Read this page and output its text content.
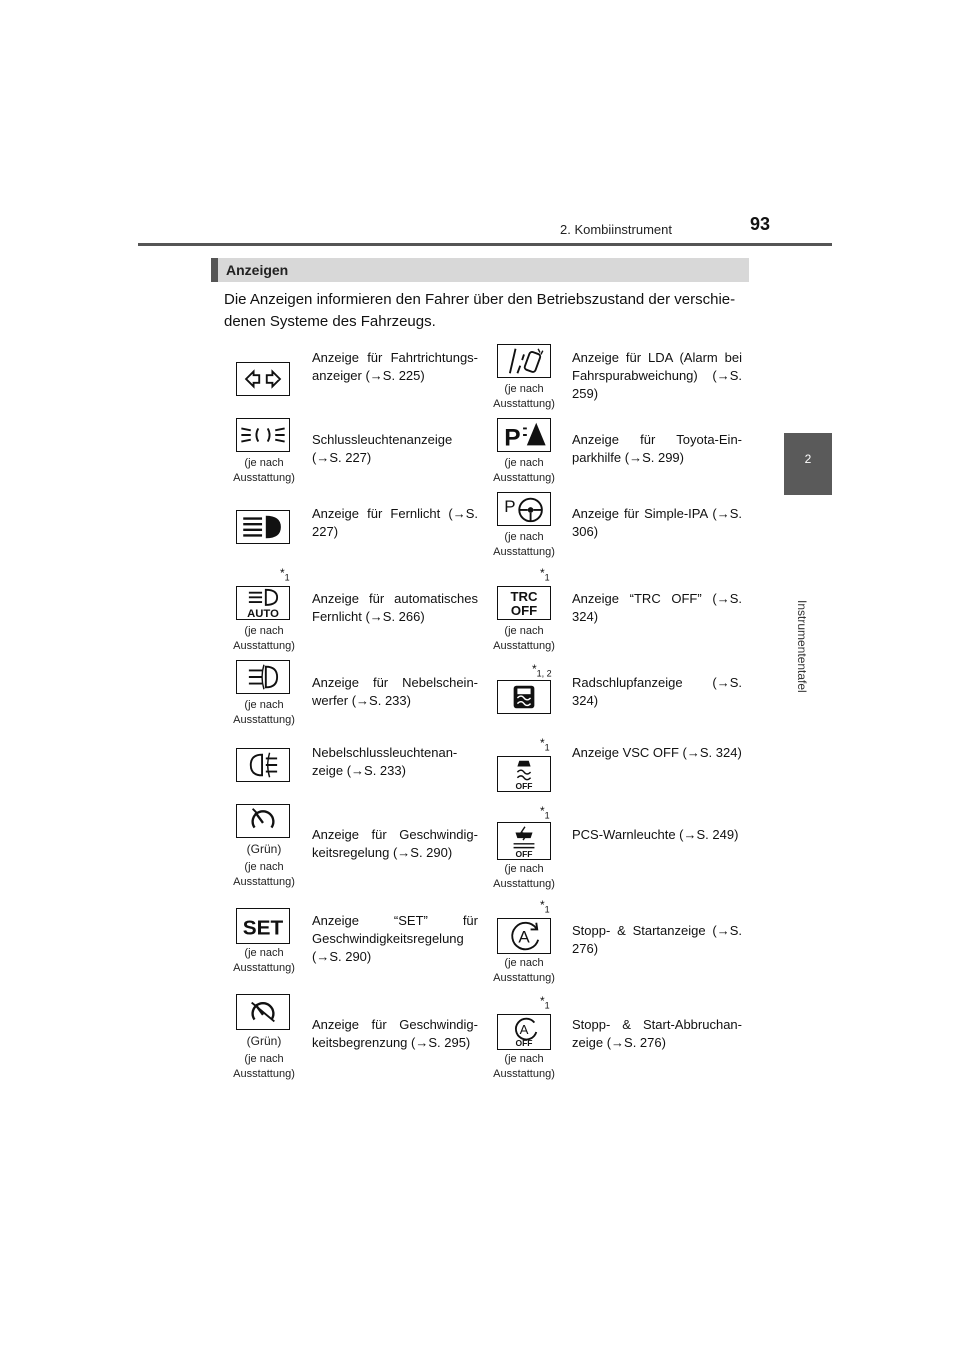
2. Kombiinstrument	93
2
Instrumententafel
Anzeigen
Die Anzeigen informieren den Fahrer über den Betriebszustand der verschie-denen Systeme des Fahrzeugs.
Anzeige für Fahrtrichtungs-anzeiger (→S. 225)
(je nach Ausstattung)
Anzeige für LDA (Alarm bei Fahrspurabweichung) (→S. 259)
(je nach Ausstattung)
Schlussleuchtenanzeige (→S. 227)
P
(je nach Ausstattung)
Anzeige für Toyota-Ein-parkhilfe (→S. 299)
Anzeige für Fernlicht (→S. 227)
P
(je nach Ausstattung)
Anzeige für Simple-IPA (→S. 306)
$*_1$
AUTO
(je nach Ausstattung)
Anzeige für automatisches Fernlicht (→S. 266)
$*_1$
TRC OFF
(je nach Ausstattung)
Anzeige “TRC OFF” (→S. 324)
(je nach Ausstattung)
Anzeige für Nebelschein-werfer (→S. 233)
$*_{1, 2}$
Radschlupfanzeige (→S. 324)
Nebelschlussleuchtenan-zeige (→S. 233)
$*_1$
OFF
Anzeige VSC OFF (→S. 324)
(Grün)
(je nach Ausstattung)
Anzeige für Geschwindig-keitsregelung (→S. 290)
$*_1$
OFF
(je nach Ausstattung)
PCS-Warnleuchte (→S. 249)
SET
(je nach Ausstattung)
Anzeige “SET” für Geschwindigkeitsregelung (→S. 290)
$*_1$
A
(je nach Ausstattung)
Stopp- & Startanzeige (→S. 276)
(Grün)
(je nach Ausstattung)
Anzeige für Geschwindig-keitsbegrenzung (→S. 295)
$*_1$
A
OFF
(je nach Ausstattung)
Stopp- & Start-Abbruchan-zeige (→S. 276)
